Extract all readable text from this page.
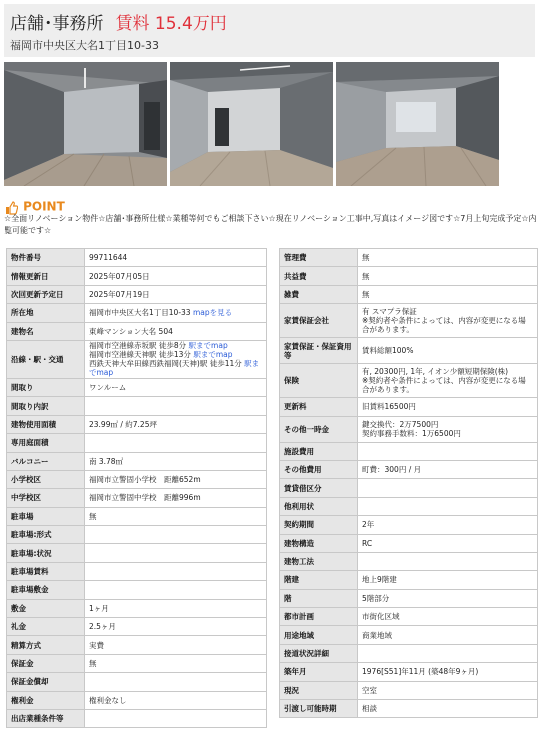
店舗･事務所 賃料 15.4万円
福岡市中央区大名1丁目10-33
POINT
☆全面リノベーション物件☆店舗･事務所仕様☆業種等何でもご相談下さい☆現在リノベーション工事中,写真はイメージ図です☆7月上旬完成予定☆内覧可能です☆
物件番号	99711644

情報更新日	2025年07月05日

次回更新予定日	2025年07月19日

所在地	福岡市中央区大名1丁目10-33 mapを見る

建物名	東峰マンション大名 504

沿線・駅・交通	福岡市空港線赤坂駅 徒歩8分 駅までmap
福岡市空港線天神駅 徒歩13分 駅までmap
西鉄天神大牟田線西鉄福岡(天神)駅 徒歩11分 駅までmap

間取り	ワンルーム

間取り内訳	

建物使用面積	23.99㎡ / 約7.25坪

専用庭面積	

バルコニー	南 3.78㎡

小学校区	福岡市立警固小学校　距離652m

中学校区	福岡市立警固中学校　距離996m

駐車場	無

駐車場:形式	

駐車場:状況	

駐車場賃料	

駐車場敷金	

敷金	1ヶ月

礼金	2.5ヶ月

精算方式	実費

保証金	無

保証金償却	

権利金	権利金なし

出店業種条件等	
管理費	無

共益費	無

雑費	無

家賃保証会社	有 スマプラ保証
※契約者や条件によっては、内容が変更になる場合があります。

家賃保証・保証資用等	賃料総額100%

保険	有, 20300円, 1年, イオン少額短期保険(株)
※契約者や条件によっては、内容が変更になる場合があります。

更新料	旧賃料16500円

その他一時金	鍵交換代：2万7500円
契約事務手数料：1万6500円

施設費用	

その他費用	町費：300円 / 月

賃貸借区分	

他利用状	

契約期間	2年

建物構造	RC

建物工法	

階建	地上9階建

階	5階部分

都市計画	市街化区域

用途地域	商業地域

接道状況詳細	

築年月	1976[S51]年11月 (築48年9ヶ月)

現況	空室

引渡し可能時期	相談
